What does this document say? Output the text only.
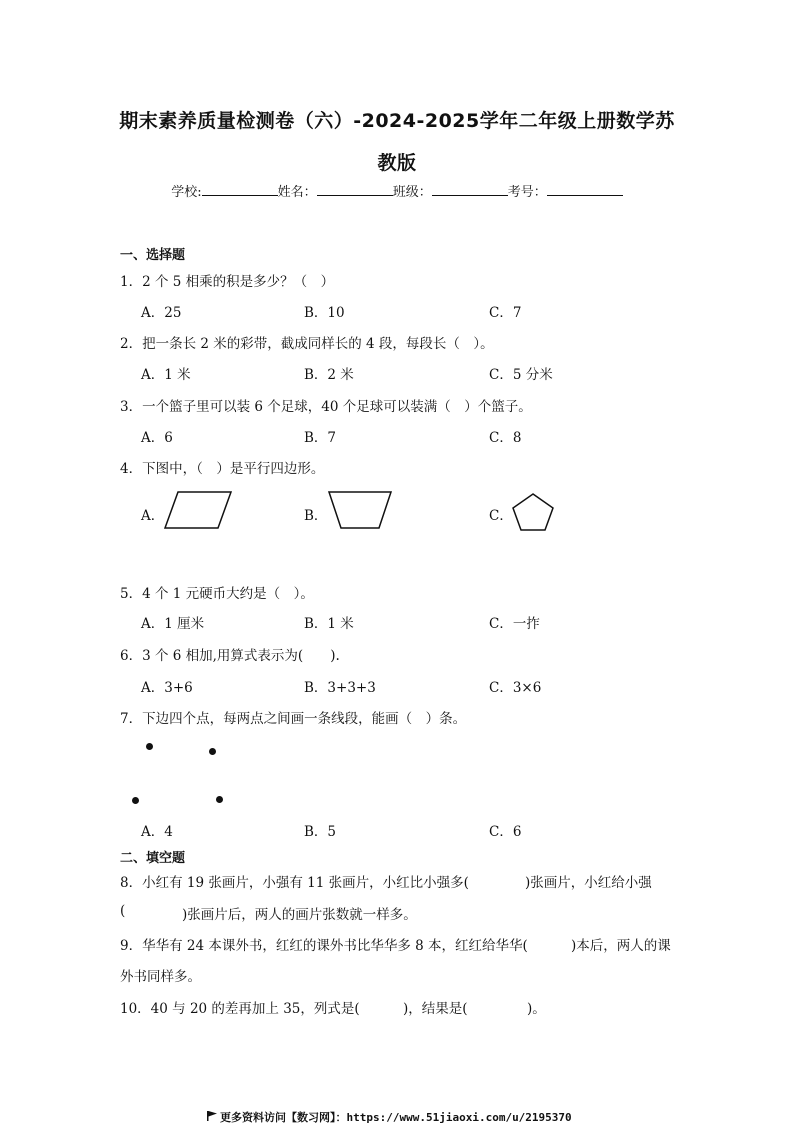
期末素养质量检测卷（六）-2024-2025学年二年级上册数学苏
教版
学校:	姓名：	班级：	考号：
一、选择题
1．2 个 5 相乘的积是多少？（　）
A．25	B．10	C．7
2．把一条长 2 米的彩带，截成同样长的 4 段，每段长（　）。
A．1 米	B．2 米	C．5 分米
3．一个篮子里可以装 6 个足球，40 个足球可以装满（　）个篮子。
A．6	B．7	C．8
4．下图中，（　）是平行四边形。
A．	B．	C．
5．4 个 1 元硬币大约是（　）。
A．1 厘米	B．1 米	C．一拃
6．3 个 6 相加,用算式表示为(　　).
A．3+6	B．3+3+3	C．3×6
7．下边四个点，每两点之间画一条线段，能画（　）条。
A．4	B．5	C．6
二、填空题
8．小红有 19 张画片，小强有 11 张画片，小红比小强多(	)张画片，小红给小强
(	)张画片后，两人的画片张数就一样多。
9．华华有 24 本课外书，红红的课外书比华华多 8 本，红红给华华(	)本后，两人的课
外书同样多。
10．40 与 20 的差再加上 35，列式是(	)，结果是(	)。
更多资料访问【数习网】：https://www.51jiaoxi.com/u/2195370
